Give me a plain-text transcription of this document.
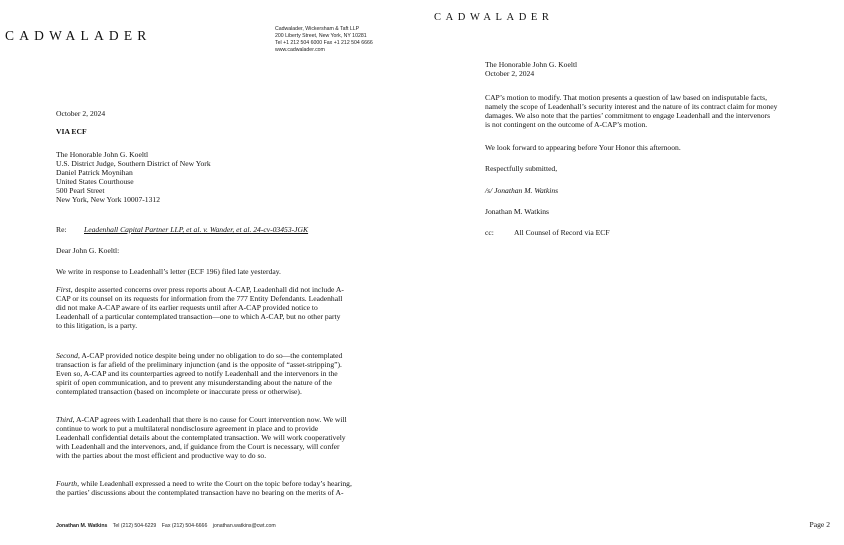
CADWALADER	Cadwalader, Wickersham & Taft LLP
200 Liberty Street, New York, NY 10281
Tel +1 212 504 6000 Fax +1 212 504 6666
www.cadwalader.com
October 2, 2024
VIA ECF
The Honorable John G. Koeltl
U.S. District Judge, Southern District of New York
Daniel Patrick Moynihan
United States Courthouse
500 Pearl Street
New York, New York 10007-1312
Re: Leadenhall Capital Partner LLP, et al. v. Wander, et al. 24-cv-03453-JGK
Dear John G. Koeltl:
We write in response to Leadenhall’s letter (ECF 196) filed late yesterday.
First, despite asserted concerns over press reports about A-CAP, Leadenhall did not include A-
CAP or its counsel on its requests for information from the 777 Entity Defendants. Leadenhall
did not make A-CAP aware of its earlier requests until after A-CAP provided notice to
Leadenhall of a particular contemplated transaction—one to which A-CAP, but no other party
to this litigation, is a party.
Second, A-CAP provided notice despite being under no obligation to do so—the contemplated
transaction is far afield of the preliminary injunction (and is the opposite of “asset-stripping”).
Even so, A-CAP and its counterparties agreed to notify Leadenhall and the intervenors in the
spirit of open communication, and to prevent any misunderstanding about the nature of the
contemplated transaction (based on incomplete or inaccurate press or otherwise).
Third, A-CAP agrees with Leadenhall that there is no cause for Court intervention now. We will
continue to work to put a multilateral nondisclosure agreement in place and to provide
Leadenhall confidential details about the contemplated transaction. We will work cooperatively
with Leadenhall and the intervenors, and, if guidance from the Court is necessary, will confer
with the parties about the most efficient and productive way to do so.
Fourth, while Leadenhall expressed a need to write the Court on the topic before today’s hearing,
the parties’ discussions about the contemplated transaction have no bearing on the merits of A-
Jonathan M. Watkins Tel (212) 504-6229 Fax (212) 504-6666 jonathan.watkins@cwt.com
CADWALADER
The Honorable John G. Koeltl
October 2, 2024
CAP’s motion to modify. That motion presents a question of law based on indisputable facts,
namely the scope of Leadenhall’s security interest and the nature of its contract claim for money
damages. We also note that the parties’ commitment to engage Leadenhall and the intervenors
is not contingent on the outcome of A-CAP’s motion.
We look forward to appearing before Your Honor this afternoon.
Respectfully submitted,
/s/ Jonathan M. Watkins
Jonathan M. Watkins
cc:	All Counsel of Record via ECF
Page 2
